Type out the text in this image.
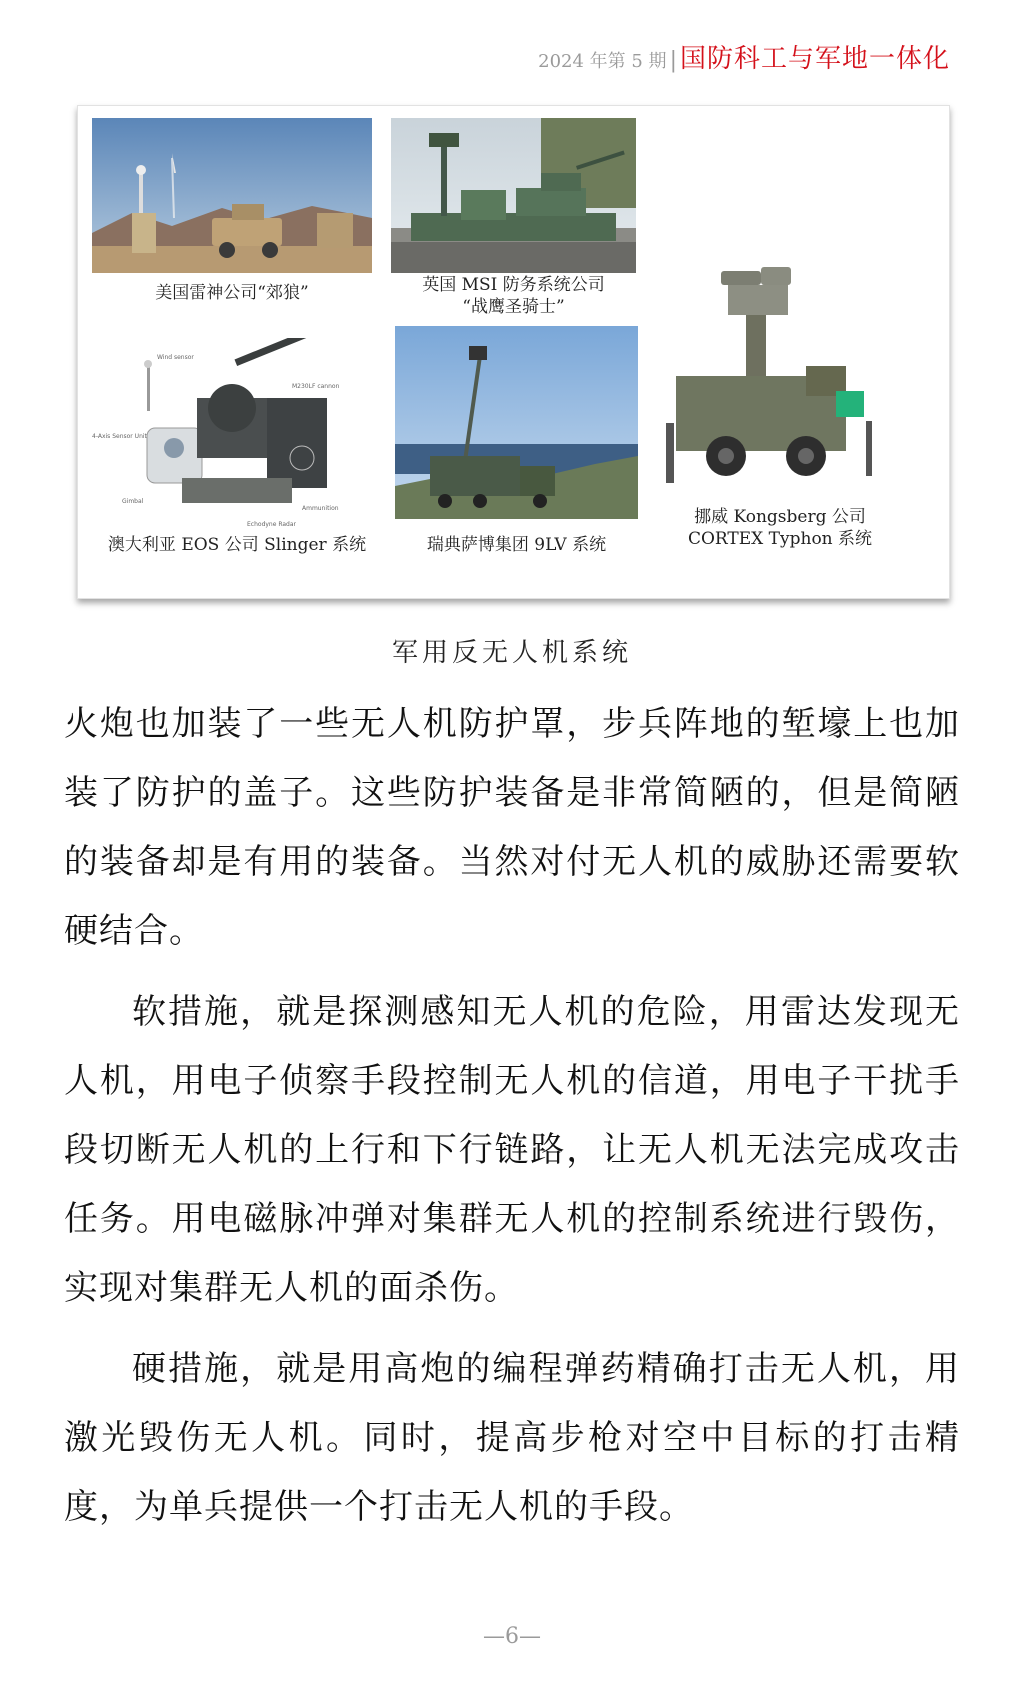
2024 年第 5 期 | 国防科工与军地一体化
美国雷神公司“郊狼”	英国 MSI 防务系统公司
“战鹰圣骑士”
Wind sensor
M230LF cannon
4-Axis Sensor Unit
Gimbal
Ammunition
Echodyne Radar
澳大利亚 EOS 公司 Slinger 系统	瑞典萨博集团 9LV 系统
挪威 Kongsberg 公司
CORTEX Typhon 系统
军用反无人机系统

火炮也加装了一些无人机防护罩，步兵阵地的堑壕上也加装了防护的盖子。这些防护装备是非常简陋的，但是简陋的装备却是有用的装备。当然对付无人机的威胁还需要软硬结合。

软措施，就是探测感知无人机的危险，用雷达发现无人机，用电子侦察手段控制无人机的信道，用电子干扰手段切断无人机的上行和下行链路，让无人机无法完成攻击任务。用电磁脉冲弹对集群无人机的控制系统进行毁伤，实现对集群无人机的面杀伤。

硬措施，就是用高炮的编程弹药精确打击无人机，用激光毁伤无人机。同时，提高步枪对空中目标的打击精度，为单兵提供一个打击无人机的手段。

—6—
